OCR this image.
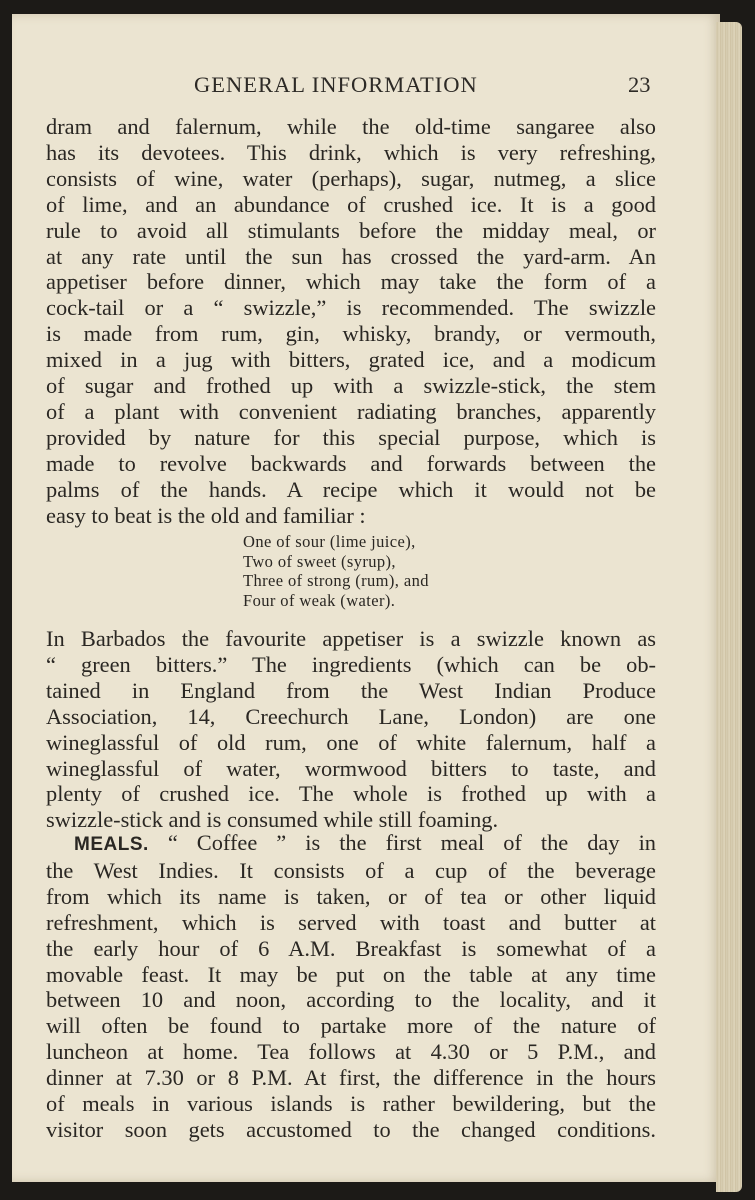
GENERAL INFORMATION	23
dram and falernum, while the old-time sangaree also
has its devotees. This drink, which is very refreshing,
consists of wine, water (perhaps), sugar, nutmeg, a slice
of lime, and an abundance of crushed ice. It is a good
rule to avoid all stimulants before the midday meal, or
at any rate until the sun has crossed the yard-arm. An
appetiser before dinner, which may take the form of a
cock-tail or a “ swizzle,” is recommended. The swizzle
is made from rum, gin, whisky, brandy, or vermouth,
mixed in a jug with bitters, grated ice, and a modicum
of sugar and frothed up with a swizzle-stick, the stem
of a plant with convenient radiating branches, apparently
provided by nature for this special purpose, which is
made to revolve backwards and forwards between the
palms of the hands. A recipe which it would not be
easy to beat is the old and familiar :
One of sour (lime juice),
Two of sweet (syrup),
Three of strong (rum), and
Four of weak (water).
In Barbados the favourite appetiser is a swizzle known as
“ green bitters.” The ingredients (which can be ob-
tained in England from the West Indian Produce
Association, 14, Creechurch Lane, London) are one
wineglassful of old rum, one of white falernum, half a
wineglassful of water, wormwood bitters to taste, and
plenty of crushed ice. The whole is frothed up with a
swizzle-stick and is consumed while still foaming.
MEALS. “ Coffee ” is the first meal of the day in
the West Indies. It consists of a cup of the beverage
from which its name is taken, or of tea or other liquid
refreshment, which is served with toast and butter at
the early hour of 6 A.M. Breakfast is somewhat of a
movable feast. It may be put on the table at any time
between 10 and noon, according to the locality, and it
will often be found to partake more of the nature of
luncheon at home. Tea follows at 4.30 or 5 P.M., and
dinner at 7.30 or 8 P.M. At first, the difference in the hours
of meals in various islands is rather bewildering, but the
visitor soon gets accustomed to the changed conditions.
